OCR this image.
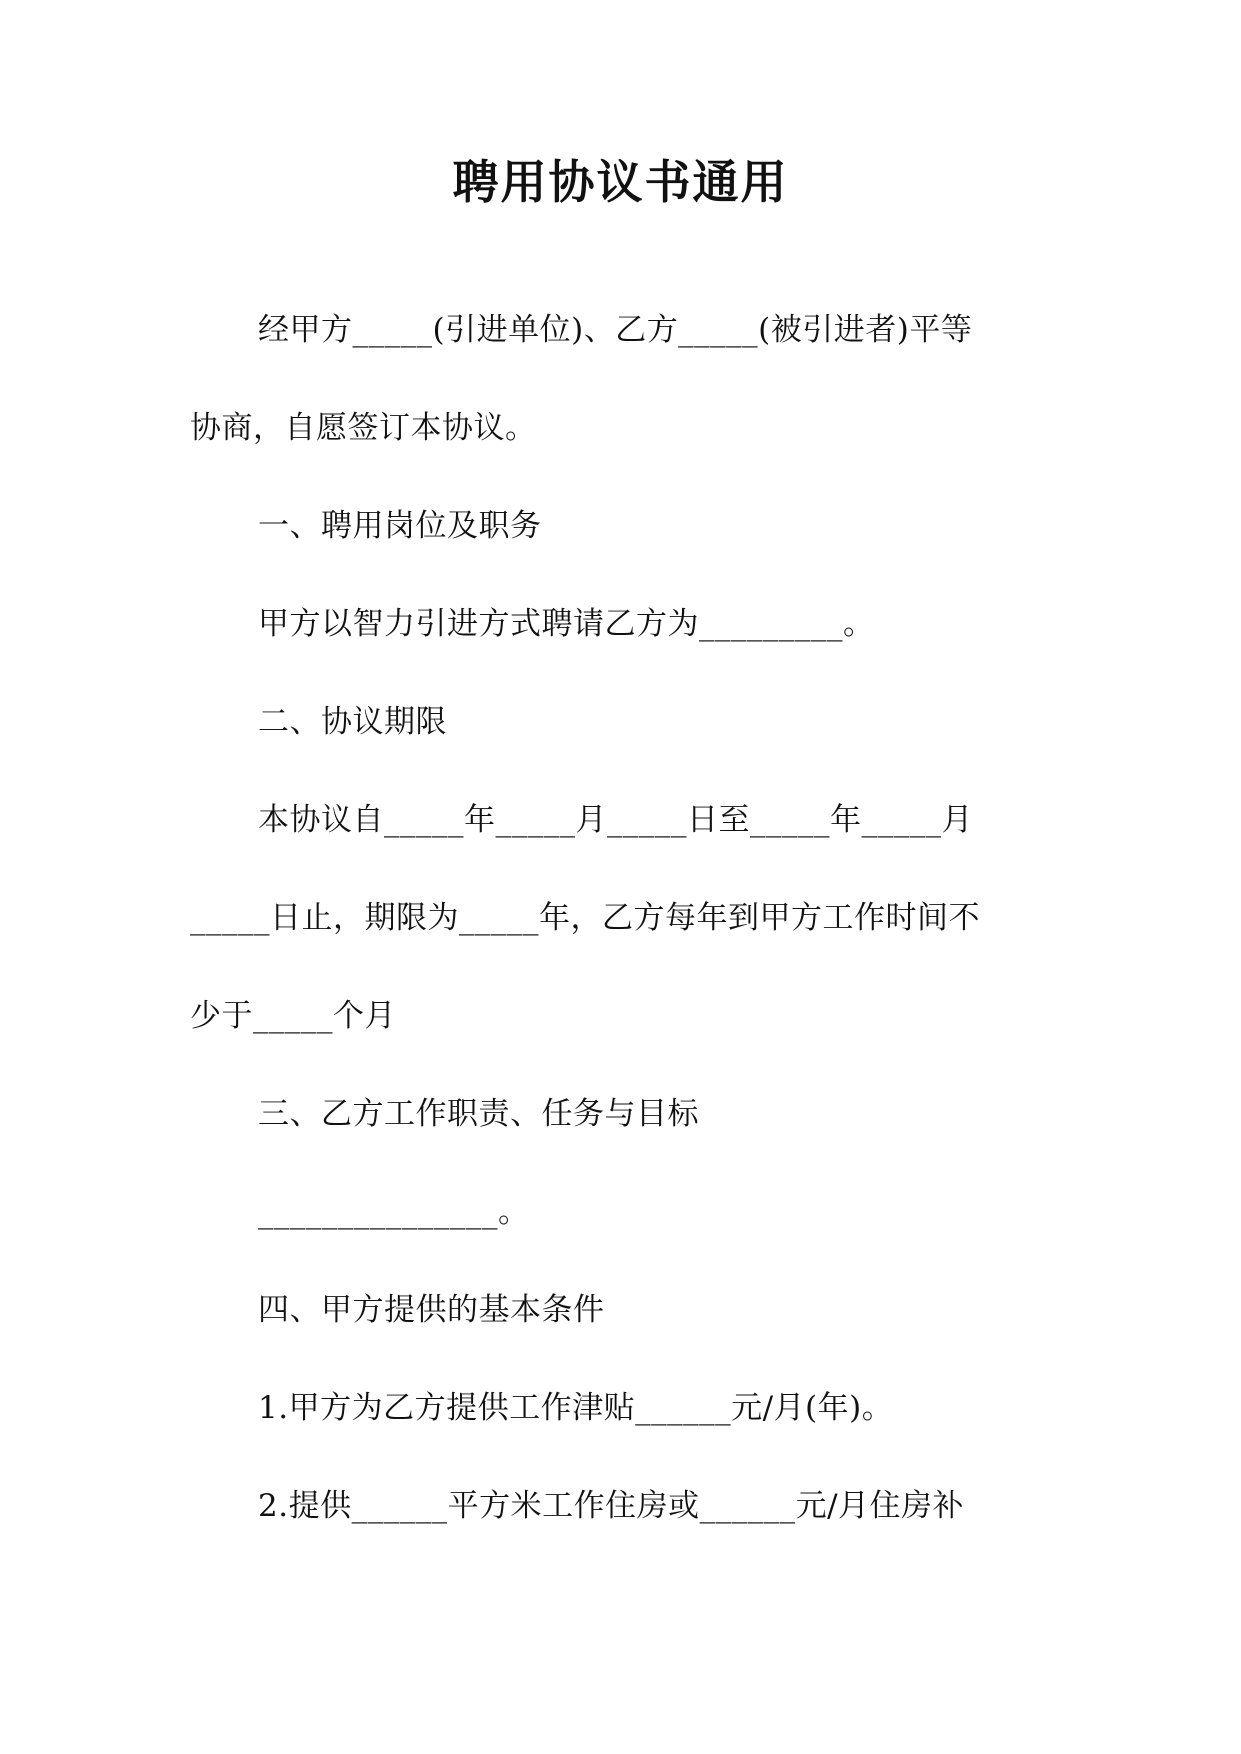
聘用协议书通用

经甲方_____(引进单位)、乙方_____(被引进者)平等

协商，自愿签订本协议。

一、聘用岗位及职务

甲方以智力引进方式聘请乙方为_________。

二、协议期限

本协议自_____年_____月_____日至_____年_____月

_____日止，期限为_____年，乙方每年到甲方工作时间不

少于_____个月

三、乙方工作职责、任务与目标

_______________。

四、甲方提供的基本条件

1.甲方为乙方提供工作津贴______元/月(年)。

2.提供______平方米工作住房或______元/月住房补
